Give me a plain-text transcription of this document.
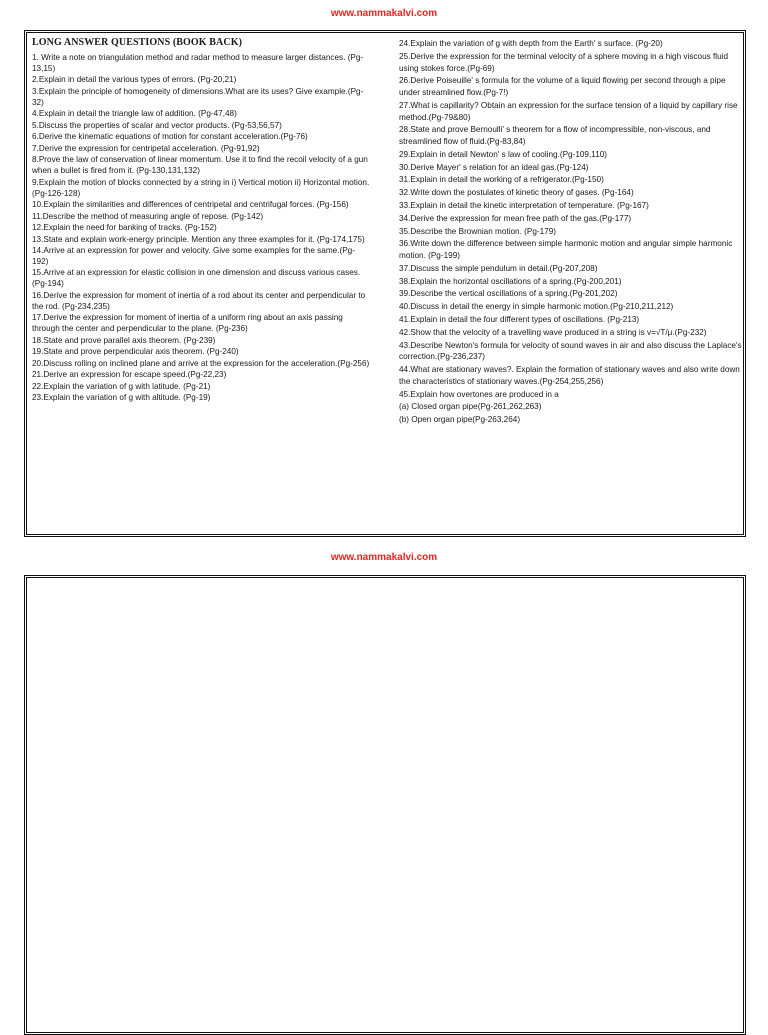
www.nammakalvi.com
LONG ANSWER QUESTIONS (BOOK BACK)
1. Write a note on triangulation method and radar method to measure larger distances. (Pg-13,15)
2.Explain in detail the various types of errors. (Pg-20,21)
3.Explain the principle of homogeneity of dimensions.What are its uses? Give example.(Pg-32)
4.Explain in detail the triangle law of addition. (Pg-47,48)
5.Discuss the properties of scalar and vector products. (Pg-53,56,57)
6.Derive the kinematic equations of motion for constant acceleration.(Pg-76)
7.Derive the expression for centripetal acceleration. (Pg-91,92)
8.Prove the law of conservation of linear momentum. Use it to find the recoil velocity of a gun when a bullet is fired from it. (Pg-130,131,132)
9.Explain the motion of blocks connected by a string in i) Vertical motion ii) Horizontal motion. (Pg-126-128)
10.Explain the similarities and differences of centripetal and centrifugal forces. (Pg-156)
11.Describe the method of measuring angle of repose. (Pg-142)
12.Explain the need for banking of tracks. (Pg-152)
13.State and explain work-energy principle. Mention any three examples for it. (Pg-174,175)
14.Arrive at an expression for power and velocity. Give some examples for the same.(Pg-192)
15.Arrive at an expression for elastic collision in one dimension and discuss various cases. (Pg-194)
16.Derive the expression for moment of inertia of a rod about its center and perpendicular to the rod. (Pg-234,235)
17.Derive the expression for moment of inertia of a uniform ring about an axis passing through the center and perpendicular to the plane. (Pg-236)
18.State and prove parallel axis theorem. (Pg-239)
19.State and prove perpendicular axis theorem. (Pg-240)
20.Discuss rolling on inclined plane and arrive at the expression for the acceleration.(Pg-256)
21.Derive an expression for escape speed.(Pg-22,23)
22.Explain the variation of g with latitude. (Pg-21)
23.Explain the variation of g with altitude. (Pg-19)
24.Explain the variation of g with depth from the Earth' s surface. (Pg-20)
25.Derive the expression for the terminal velocity of a sphere moving in a high viscous fluid using stokes force.(Pg-69)
26.Derive Poiseuille' s formula for the volume of a liquid flowing per second through a pipe under streamlined flow.(Pg-7!)
27.What is capillarity? Obtain an expression for the surface tension of a liquid by capillary rise method.(Pg-79&80)
28.State and prove Bernoulli' s theorem for a flow of incompressible, non-viscous, and streamlined flow of fluid.(Pg-83,84)
29.Explain in detail Newton' s law of cooling.(Pg-109,110)
30.Derive Mayer' s relation for an ideal gas.(Pg-124)
31.Explain in detail the working of a refrigerator.(Pg-150)
32.Write down the postulates of kinetic theory of gases. (Pg-164)
33.Explain in detail the kinetic interpretation of temperature. (Pg-167)
34.Derive the expression for mean free path of the gas.(Pg-177)
35.Describe the Brownian motion. (Pg-179)
36.Write down the difference between simple harmonic motion and angular simple harmonic motion. (Pg-199)
37.Discuss the simple pendulum in detail.(Pg-207,208)
38.Explain the horizontal oscillations of a spring.(Pg-200,201)
39.Describe the vertical oscillations of a spring.(Pg-201,202)
40.Discuss in detail the energy in simple harmonic motion.(Pg-210,211,212)
41.Explain in detail the four different types of oscillations. (Pg-213)
42.Show that the velocity of a travelling wave produced in a string is v=√T/μ.(Pg-232)
43.Describe Newton's formula for velocity of sound waves in air and also discuss the Laplace's correction.(Pg-236,237)
44.What are stationary waves?. Explain the formation of stationary waves and also write down the characteristics of stationary waves.(Pg-254,255,256)
45.Explain how overtones are produced in a
(a) Closed organ pipe(Pg-261,262,263)
(b) Open organ pipe(Pg-263,264)
www.nammakalvi.com
